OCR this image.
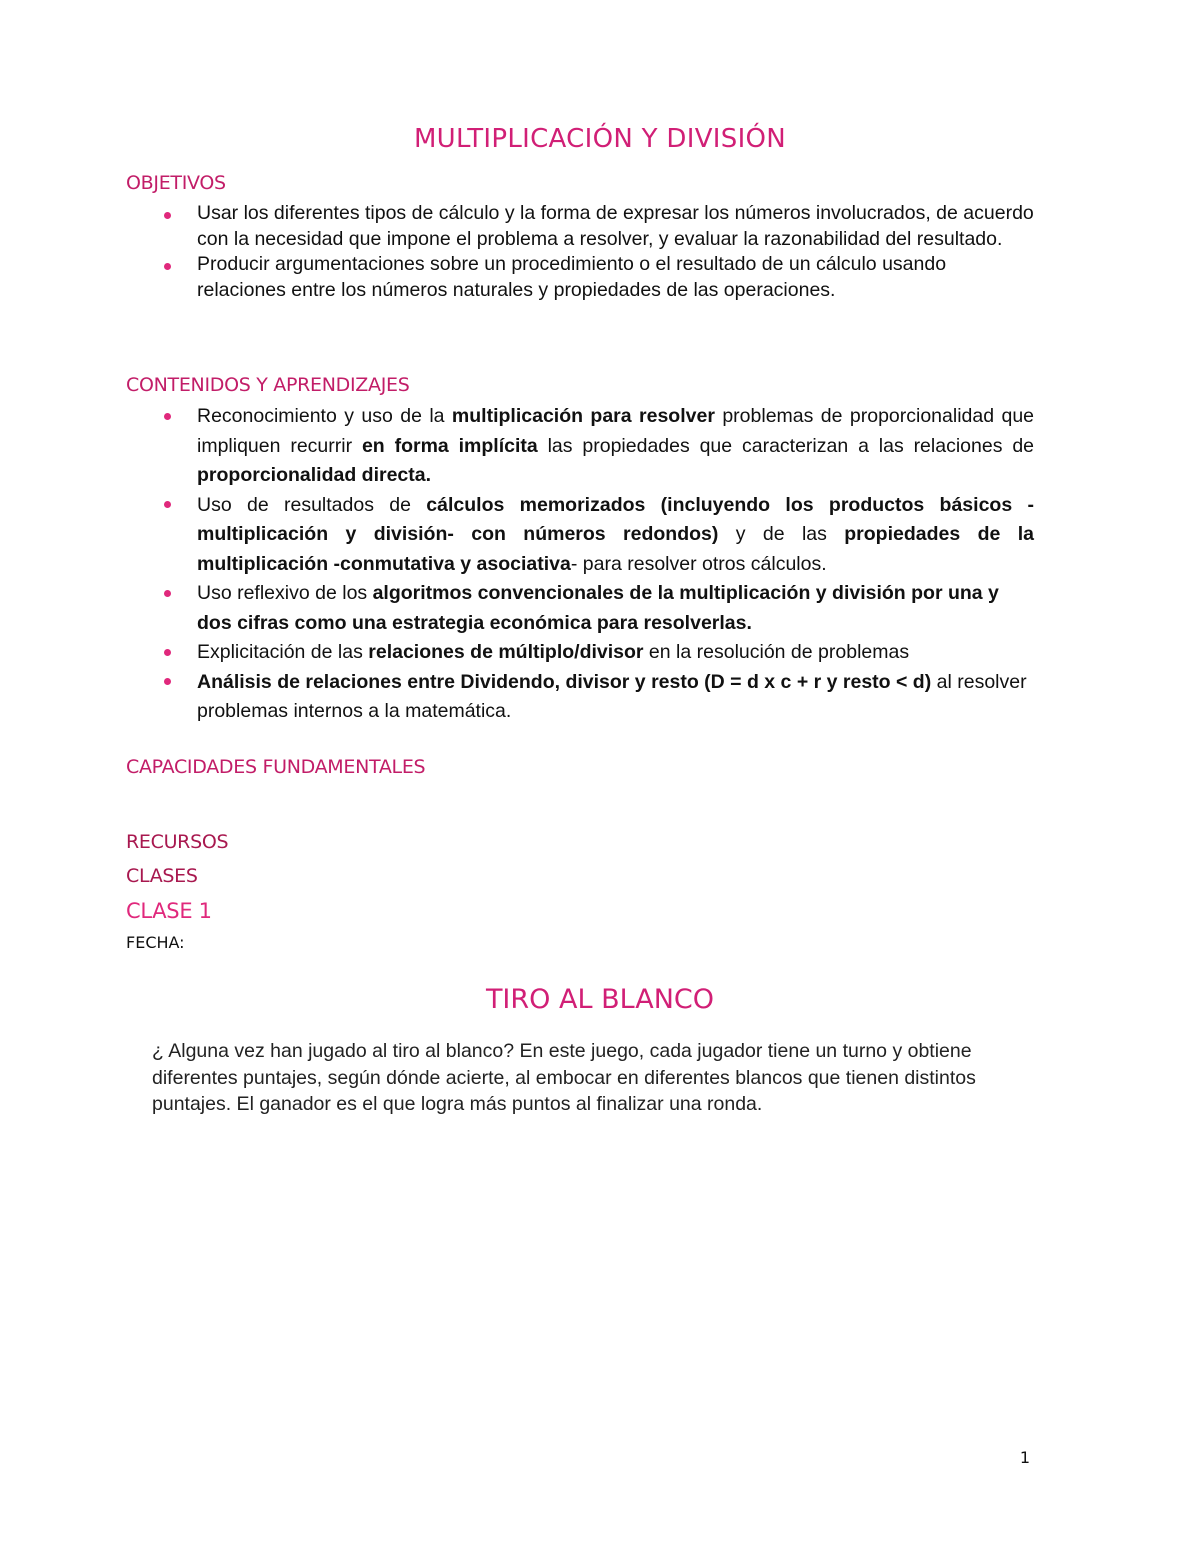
MULTIPLICACIÓN Y DIVISIÓN
OBJETIVOS
Usar los diferentes tipos de cálculo y la forma de expresar los números involucrados, de acuerdo con la necesidad que impone el problema a resolver, y evaluar la razonabilidad del resultado.
Producir argumentaciones sobre un procedimiento o el resultado de un cálculo usando relaciones entre los números naturales y propiedades de las operaciones.
CONTENIDOS Y APRENDIZAJES
Reconocimiento y uso de la multiplicación para resolver problemas de proporcionalidad que impliquen recurrir en forma implícita las propiedades que caracterizan a las relaciones de proporcionalidad directa.
Uso de resultados de cálculos memorizados (incluyendo los productos básicos - multiplicación y división- con números redondos) y de las propiedades de la multiplicación -conmutativa y asociativa- para resolver otros cálculos.
Uso reflexivo de los algoritmos convencionales de la multiplicación y división por una y dos cifras como una estrategia económica para resolverlas.
Explicitación de las relaciones de múltiplo/divisor en la resolución de problemas
Análisis de relaciones entre Dividendo, divisor y resto (D = d x c + r y resto < d) al resolver problemas internos a la matemática.
CAPACIDADES FUNDAMENTALES
RECURSOS
CLASES
CLASE 1
FECHA:
TIRO AL BLANCO
¿ Alguna vez han jugado al tiro al blanco? En este juego, cada jugador tiene un turno y obtiene diferentes puntajes, según dónde acierte, al embocar en diferentes blancos que tienen distintos puntajes. El ganador es el que logra más puntos al finalizar una ronda.
1
